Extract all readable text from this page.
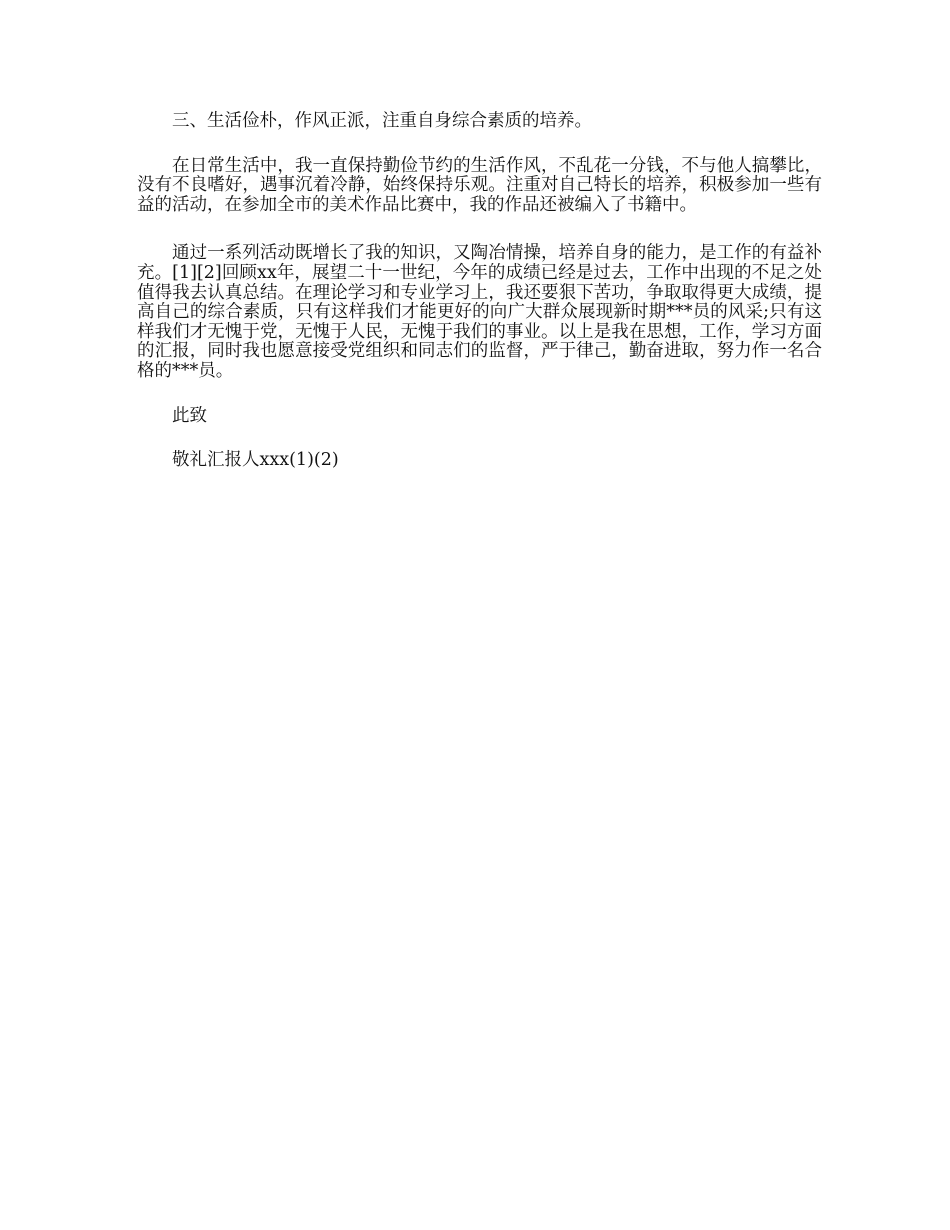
三、生活俭朴，作风正派，注重自身综合素质的培养。

在日常生活中，我一直保持勤俭节约的生活作风，不乱花一分钱，不与他人搞攀比，没有不良嗜好，遇事沉着冷静，始终保持乐观。注重对自己特长的培养，积极参加一些有益的活动，在参加全市的美术作品比赛中，我的作品还被编入了书籍中。

通过一系列活动既增长了我的知识，又陶冶情操，培养自身的能力，是工作的有益补充。[1][2]回顾xx年，展望二十一世纪，今年的成绩已经是过去，工作中出现的不足之处值得我去认真总结。在理论学习和专业学习上，我还要狠下苦功，争取取得更大成绩，提高自己的综合素质，只有这样我们才能更好的向广大群众展现新时期***员的风采;只有这样我们才无愧于党，无愧于人民，无愧于我们的事业。以上是我在思想，工作，学习方面的汇报，同时我也愿意接受党组织和同志们的监督，严于律己，勤奋进取，努力作一名合格的***员。

此致

敬礼汇报人xxx(1)(2)
